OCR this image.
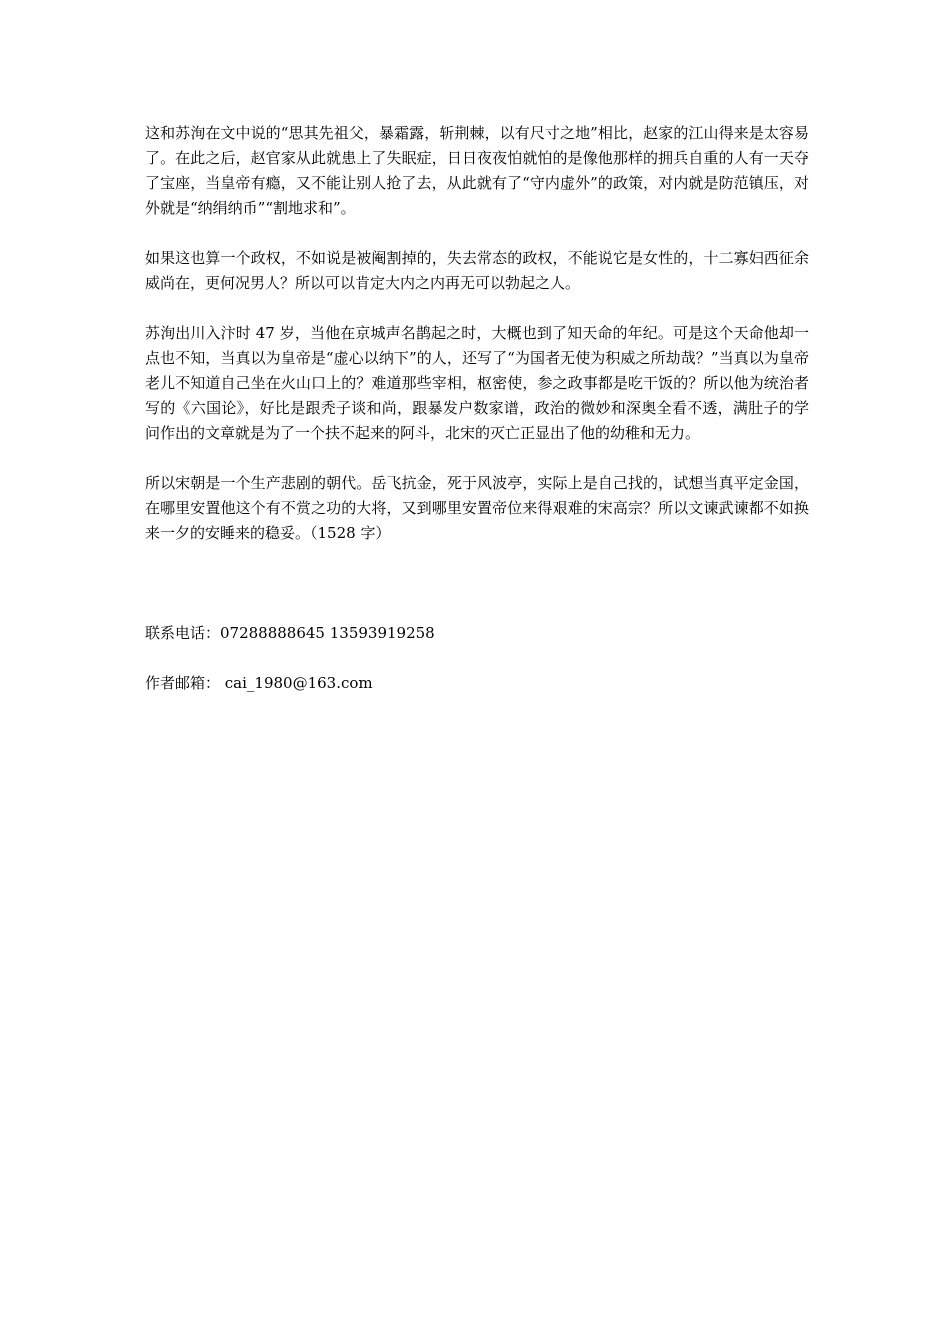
这和苏洵在文中说的“思其先祖父，暴霜露，斩荆棘，以有尺寸之地”相比，赵家的江山得来是太容易了。在此之后，赵官家从此就患上了失眠症，日日夜夜怕就怕的是像他那样的拥兵自重的人有一天夺了宝座，当皇帝有瘾，又不能让别人抢了去，从此就有了“守内虚外”的政策，对内就是防范镇压，对外就是“纳绢纳币”“割地求和”。

如果这也算一个政权，不如说是被阉割掉的，失去常态的政权，不能说它是女性的，十二寡妇西征余威尚在，更何况男人？所以可以肯定大内之内再无可以勃起之人。

苏洵出川入汴时 47 岁，当他在京城声名鹊起之时，大概也到了知天命的年纪。可是这个天命他却一点也不知，当真以为皇帝是“虚心以纳下”的人，还写了“为国者无使为积威之所劫哉？”当真以为皇帝老儿不知道自己坐在火山口上的？难道那些宰相，枢密使，参之政事都是吃干饭的？所以他为统治者写的《六国论》，好比是跟秃子谈和尚，跟暴发户数家谱，政治的微妙和深奥全看不透，满肚子的学问作出的文章就是为了一个扶不起来的阿斗，北宋的灭亡正显出了他的幼稚和无力。

所以宋朝是一个生产悲剧的朝代。岳飞抗金，死于风波亭，实际上是自己找的，试想当真平定金国，在哪里安置他这个有不赏之功的大将，又到哪里安置帝位来得艰难的宋高宗？所以文谏武谏都不如换来一夕的安睡来的稳妥。（1528 字）

联系电话：07288888645 13593919258

作者邮箱： cai_1980@163.com
